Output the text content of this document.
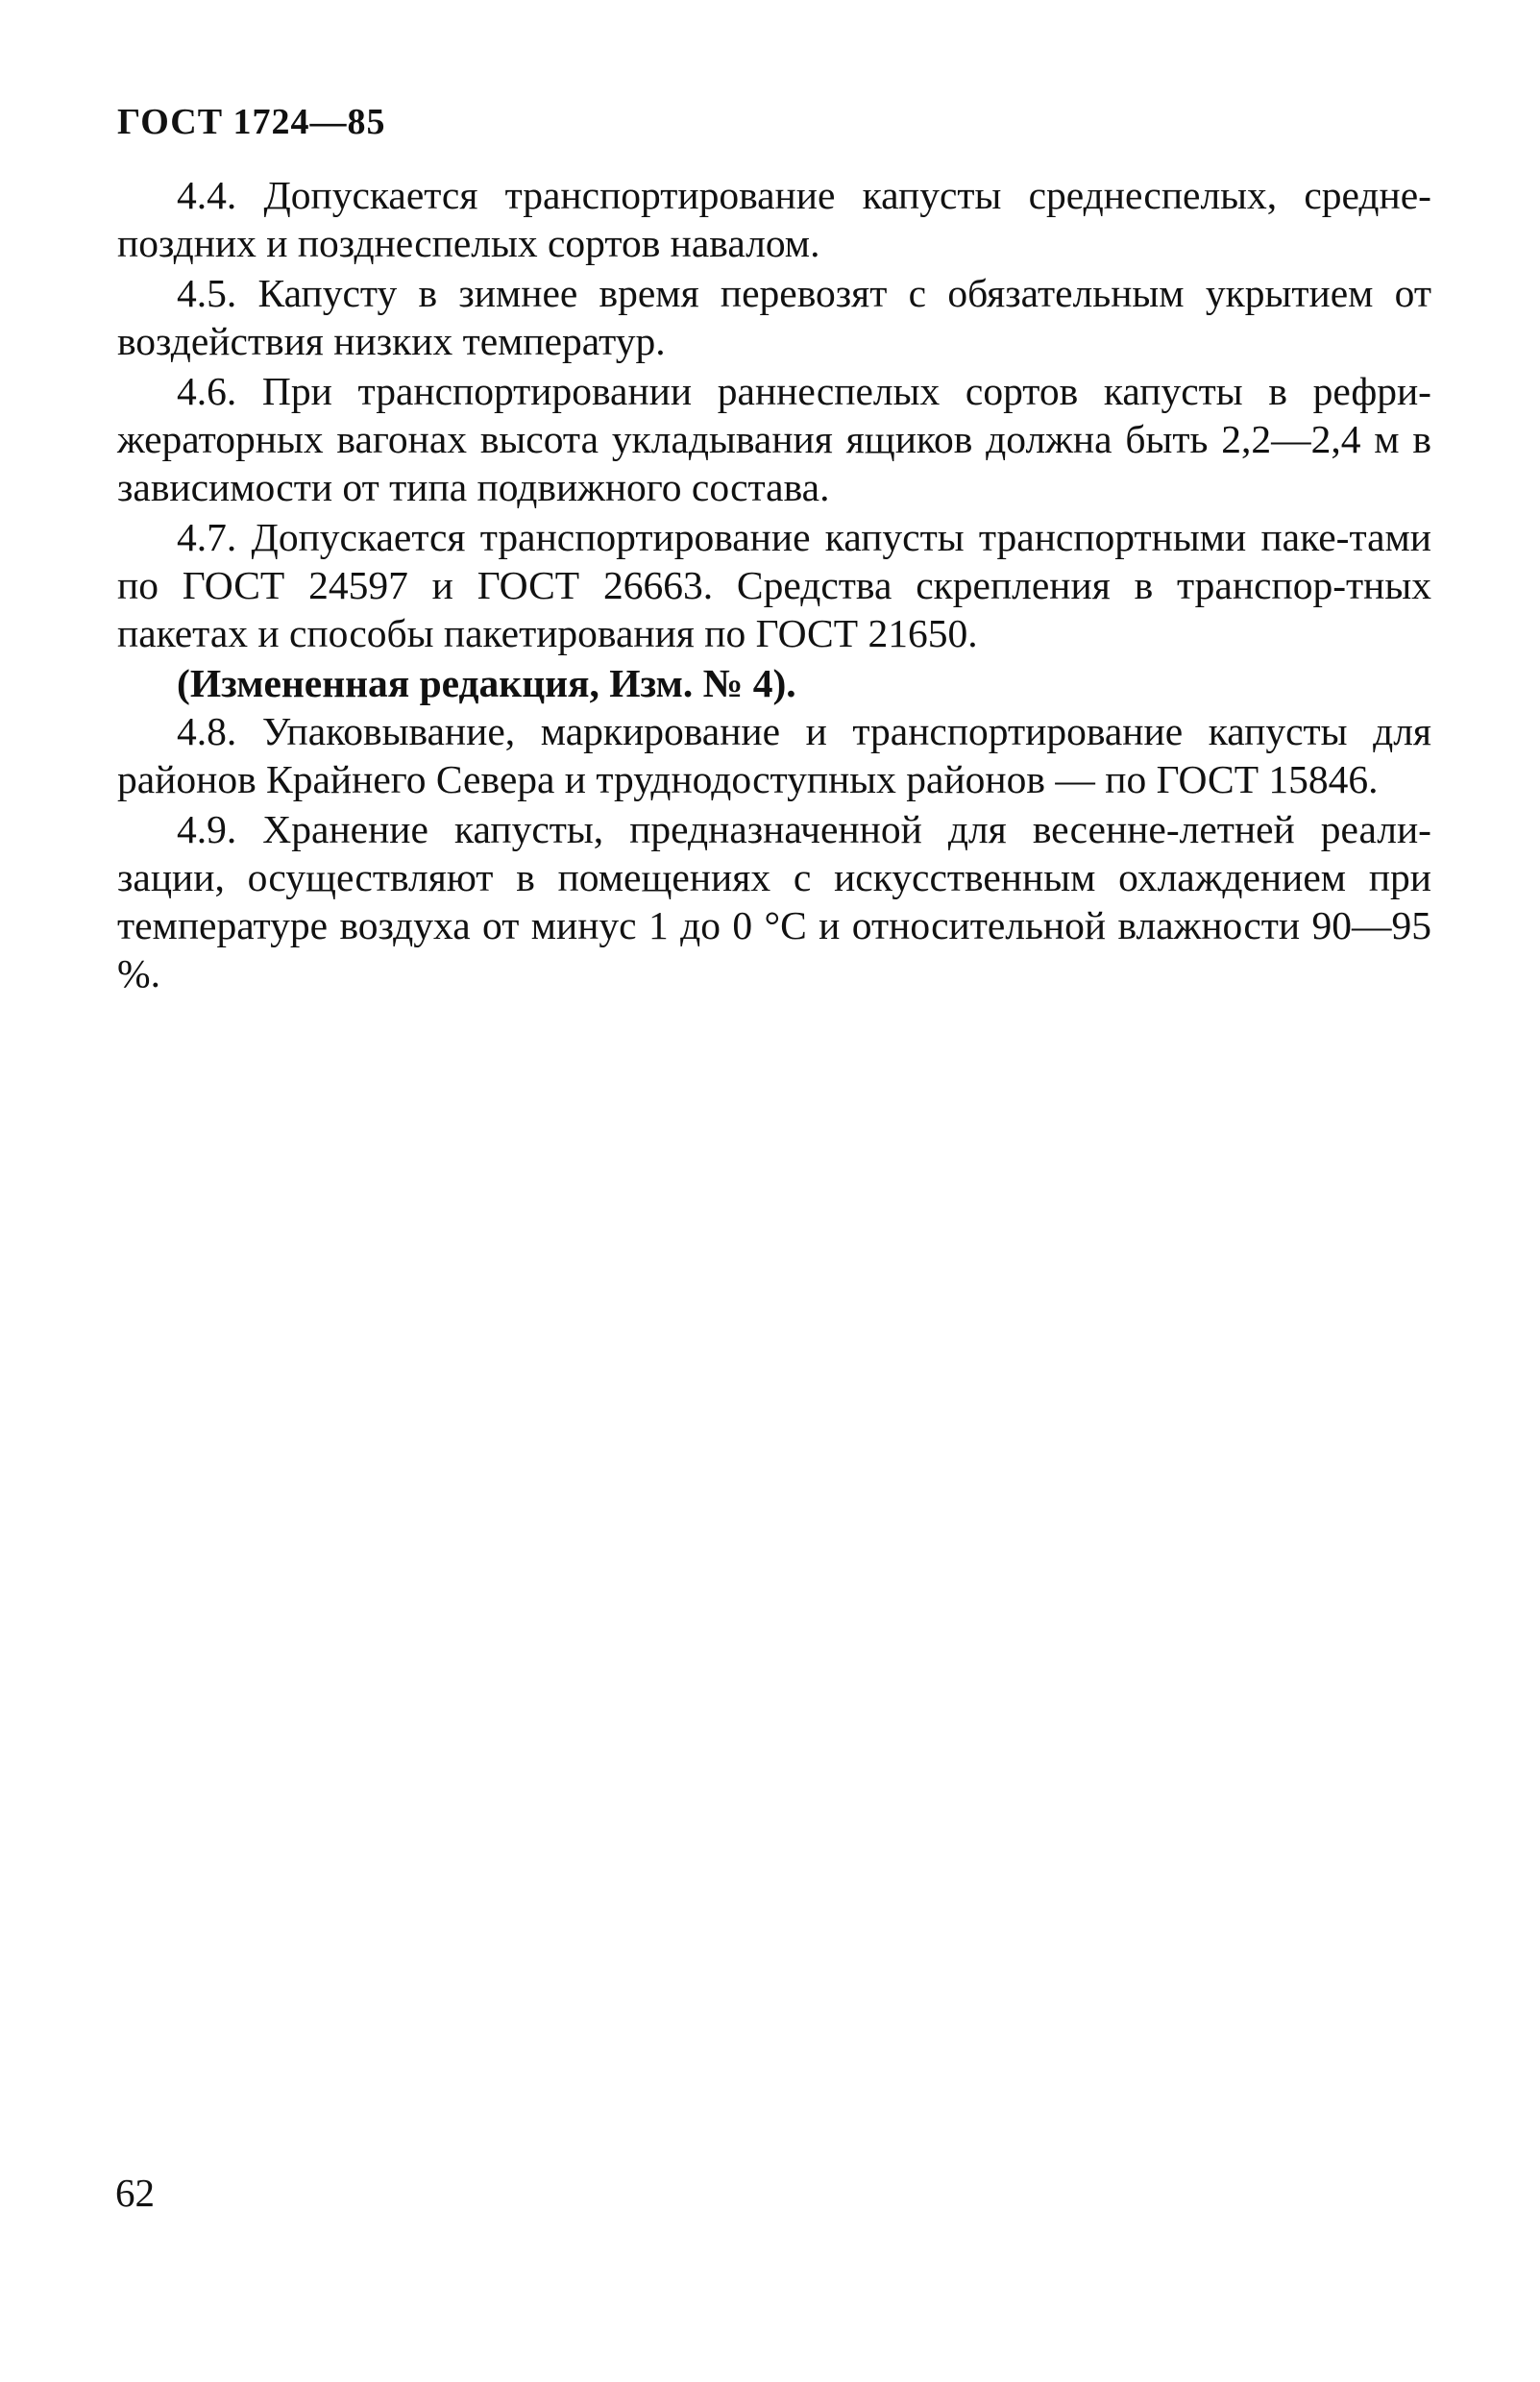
ГОСТ 1724—85

4.4. Допускается транспортирование капусты среднеспелых, средне-поздних и позднеспелых сортов навалом.

4.5. Капусту в зимнее время перевозят с обязательным укрытием от воздействия низких температур.

4.6. При транспортировании раннеспелых сортов капусты в рефри-жераторных вагонах высота укладывания ящиков должна быть 2,2—2,4 м в зависимости от типа подвижного состава.

4.7. Допускается транспортирование капусты транспортными паке-тами по ГОСТ 24597 и ГОСТ 26663. Средства скрепления в транспор-тных пакетах и способы пакетирования по ГОСТ 21650.

(Измененная редакция, Изм. № 4).

4.8. Упаковывание, маркирование и транспортирование капусты для районов Крайнего Севера и труднодоступных районов — по ГОСТ 15846.

4.9. Хранение капусты, предназначенной для весенне-летней реали-зации, осуществляют в помещениях с искусственным охлаждением при температуре воздуха от минус 1 до 0 °С и относительной влажности 90—95 %.

62
